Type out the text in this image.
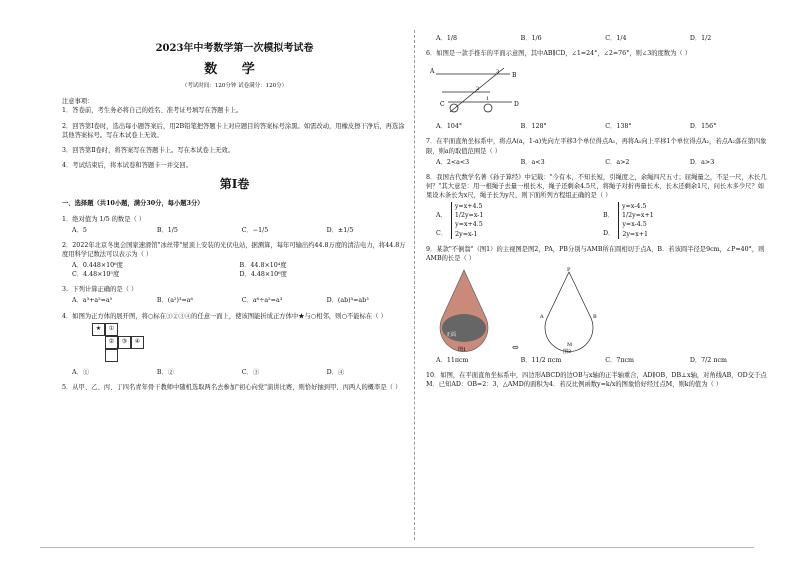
2023年中考数学第一次模拟考试卷
数 学
（考试时间：120分钟 试卷满分：120分）
注意事项：
1．答卷前，考生务必将自己的姓名、准考证号填写在答题卡上。
2．回答第Ⅰ卷时，选出每小题答案后，用2B铅笔把答题卡上对应题目的答案标号涂黑。如需改动，用橡皮擦干净后，再选涂其他答案标号。写在本试卷上无效。
3．回答第Ⅱ卷时，将答案写在答题卡上。写在本试卷上无效。
4．考试结束后，将本试卷和答题卡一并交回。
第Ⅰ卷
一、选择题（共10小题，满分30分，每小题3分）
1．绝对值为 1/5 的数是（ ）
A．5	B．1/5	C．−1/5	D．±1/5
2．2022年北京冬奥会国家速滑馆"冰丝带"屋顶上安装的光伏电站，据测算，每年可输出约44.8万度的清洁电力，将44.8万度用科学记数法可以表示为（ ）
A．0.448×10⁶度	B．44.8×10⁴度
C．4.48×10⁵度	D．4.48×10⁶度
3．下列计算正确的是（ ）
A．a³+a²=a⁵	B．(a²)³=a⁶	C．a⁶÷a²=a³	D．(ab)³=ab³
4．如图为正方体的展开图，将○标在①②③④的任意一面上，使该图能折成正方体中★与○相邻，则○不能标在（ ）
★	①
②	③	④
A．①	B．②	C．③	D．④
5．从甲、乙、丙、丁四名青年骨干教师中随机选取两名去参加"初心向党"演讲比赛，则恰好抽到甲、丙两人的概率是（ ）
A．1/8	B．1/6	C．1/4	D．1/2
6．如图是一款手推车的平面示意图，其中AB∥CD，∠1=24°，∠2=76°，则∠3的度数为（ ）
A
B
C	D
1
2
3
A．104°	B．128°	C．138°	D．156°
7．在平面直角坐标系中，将点A(a，1-a)先向左平移3个单位得点A₁，再将A₁向上平移1个单位得点A₂，若点A₂落在第四象限，则a的取值范围是（ ）
A．2<a<3	B．a<3	C．a>2	D．a>3
8．我国古代数学名著《孙子算经》中记载："今有木，不知长短，引绳度之，余绳四尺五寸；屈绳量之，不足一尺，木长几何？"其大意是：用一根绳子去量一根长木，绳子还剩余4.5尺，将绳子对折再量长木，长木还剩余1尺，问长木多少尺？如果设木条长为x尺，绳子长为y尺，则下面所列方程组正确的是（ ）
A．
y=x+4.5
1/2y=x-1	B．
y=x-4.5
1/2y=x+1
C．
y=x+4.5
2y=x-1	D．
y=x-4.5
2y=x+1
9．某款"不倒翁"（图1）的主视图是图2，PA，PB分别与AMB所在圆相切于点A，B．若该圆半径是9cm，∠P=40°，则AMB的长是（ ）
正面
图1	⇔
P
A	B
M
图2
A．11πcm	B．11/2 πcm	C．7πcm	D．7/2 πcm
10．如图，在平面直角坐标系中，四边形ABCD的边OB与x轴的正半轴重合，AD∥OB，DB⊥x轴，对角线AB，OD交于点M．已知AD：OB=2：3，△AMD的面积为4．若反比例函数y=k/x的图象恰好经过点M，则k的值为（ ）
